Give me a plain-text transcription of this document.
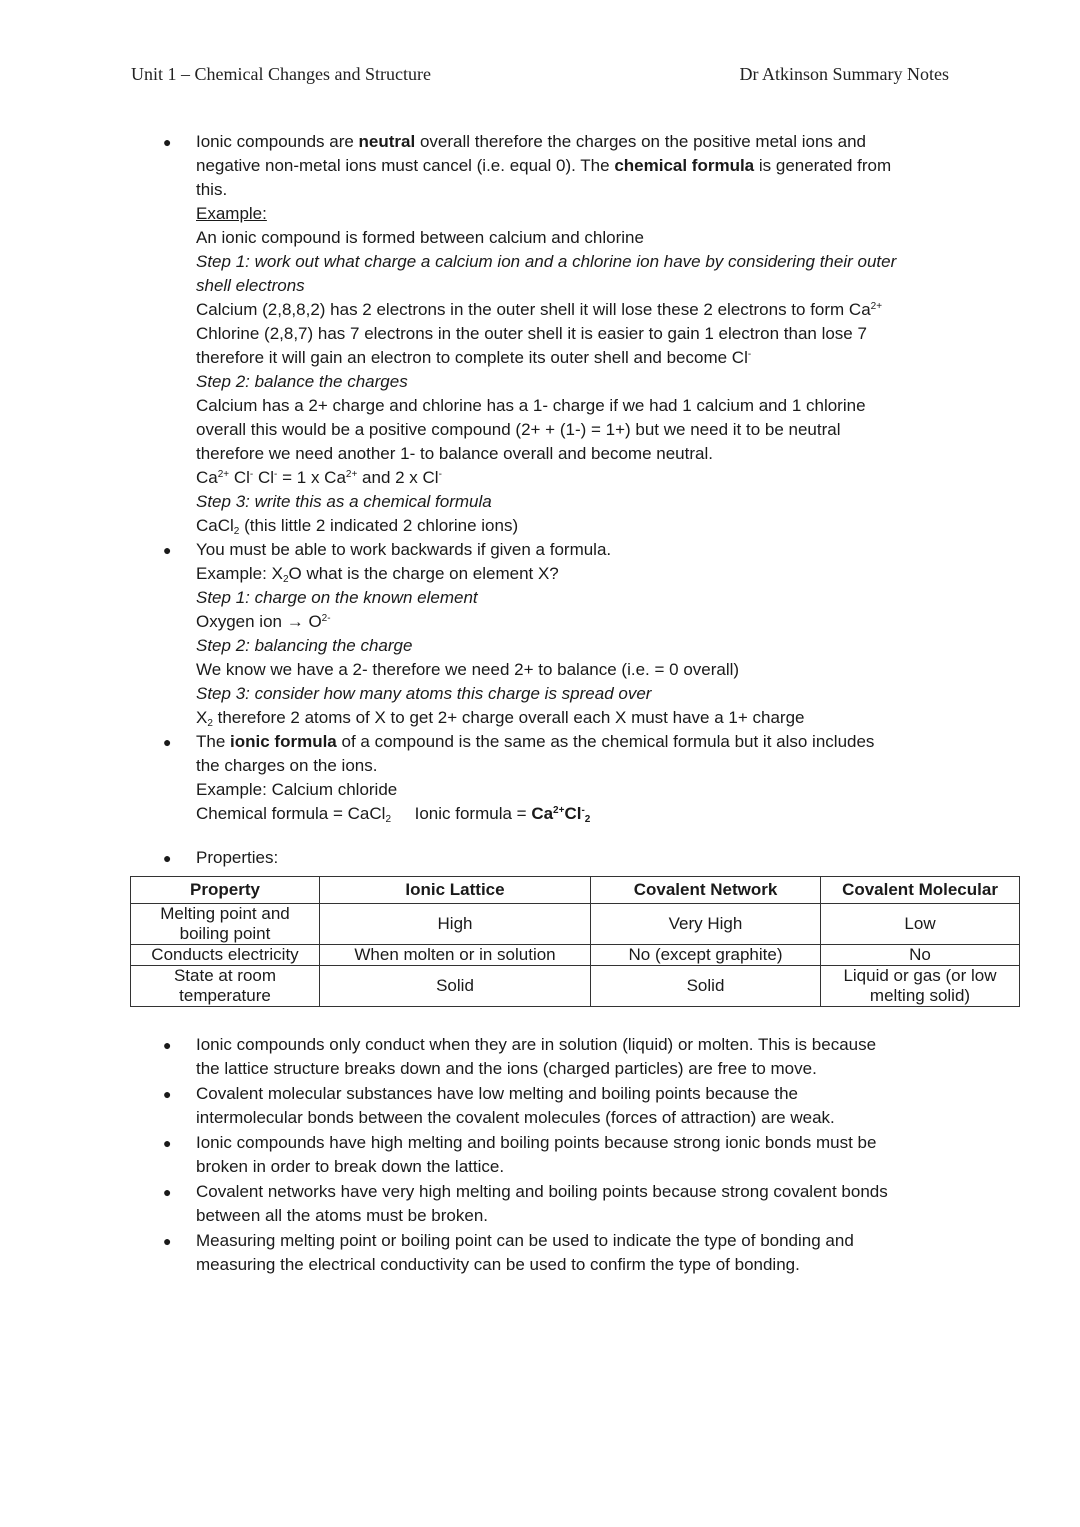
Unit 1 – Chemical Changes and Structure	Dr Atkinson Summary Notes
● Ionic compounds are neutral overall therefore the charges on the positive metal ions and
negative non-metal ions must cancel (i.e. equal 0). The chemical formula is generated from
this.
Example:
An ionic compound is formed between calcium and chlorine
Step 1: work out what charge a calcium ion and a chlorine ion have by considering their outer
shell electrons
Calcium (2,8,8,2) has 2 electrons in the outer shell it will lose these 2 electrons to form $Ca^{2+}$
Chlorine (2,8,7) has 7 electrons in the outer shell it is easier to gain 1 electron than lose 7
therefore it will gain an electron to complete its outer shell and become Cl-
Step 2: balance the charges
Calcium has a 2+ charge and chlorine has a 1- charge if we had 1 calcium and 1 chlorine
overall this would be a positive compound (2+ + (1-) = 1+) but we need it to be neutral
therefore we need another 1- to balance overall and become neutral.
$Ca^{2+}$ Cl- Cl- = 1 x $Ca^{2+}$ and 2 x Cl-
Step 3: write this as a chemical formula
CaCl$_2$ (this little 2 indicated 2 chlorine ions)
● You must be able to work backwards if given a formula.
Example: $X_2O$ what is the charge on element X?
Step 1: charge on the known element
Oxygen ion → $O^{2-}$
Step 2: balancing the charge
We know we have a 2- therefore we need 2+ to balance (i.e. = 0 overall)
Step 3: consider how many atoms this charge is spread over
$X_2$ therefore 2 atoms of X to get 2+ charge overall each X must have a 1+ charge
● The ionic formula of a compound is the same as the chemical formula but it also includes
the charges on the ions.
Example: Calcium chloride
Chemical formula = CaCl$_2$     Ionic formula = $Ca^{2+}Cl^-_2$
● Properties:
Property	Ionic Lattice	Covalent Network	Covalent Molecular
Melting point and boiling point	High	Very High	Low
Conducts electricity	When molten or in solution	No (except graphite)	No
State at room temperature	Solid	Solid	Liquid or gas (or low melting solid)
● Ionic compounds only conduct when they are in solution (liquid) or molten. This is because
the lattice structure breaks down and the ions (charged particles) are free to move.
● Covalent molecular substances have low melting and boiling points because the
intermolecular bonds between the covalent molecules (forces of attraction) are weak.
● Ionic compounds have high melting and boiling points because strong ionic bonds must be
broken in order to break down the lattice.
● Covalent networks have very high melting and boiling points because strong covalent bonds
between all the atoms must be broken.
● Measuring melting point or boiling point can be used to indicate the type of bonding and
measuring the electrical conductivity can be used to confirm the type of bonding.
